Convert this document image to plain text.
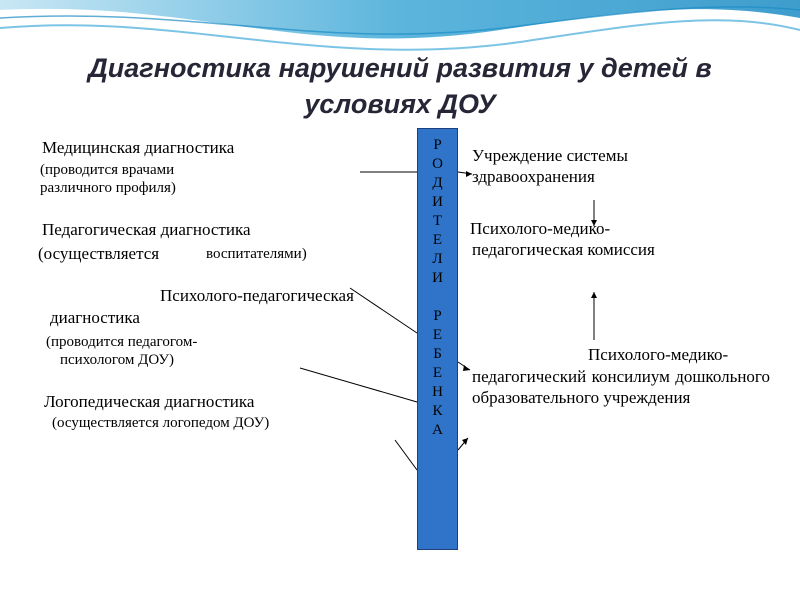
Диагностика нарушений развития у детей в условиях ДОУ
Р
О
Д
И
Т
Е
Л
И
Р
Е
Б
Е
Н
К
А
Медицинская диагностика
(проводится врачами
различного профиля)
Педагогическая диагностика
(осуществляется	воспитателями)
Психолого-педагогическая
диагностика
(проводится педагогом-
психологом ДОУ)
Логопедическая диагностика
(осуществляется логопедом ДОУ)
Учреждение системы
здравоохранения
Психолого-медико-
педагогическая комиссия
Психолого-медико-
педагогический консилиум дошкольного образовательного учреждения
